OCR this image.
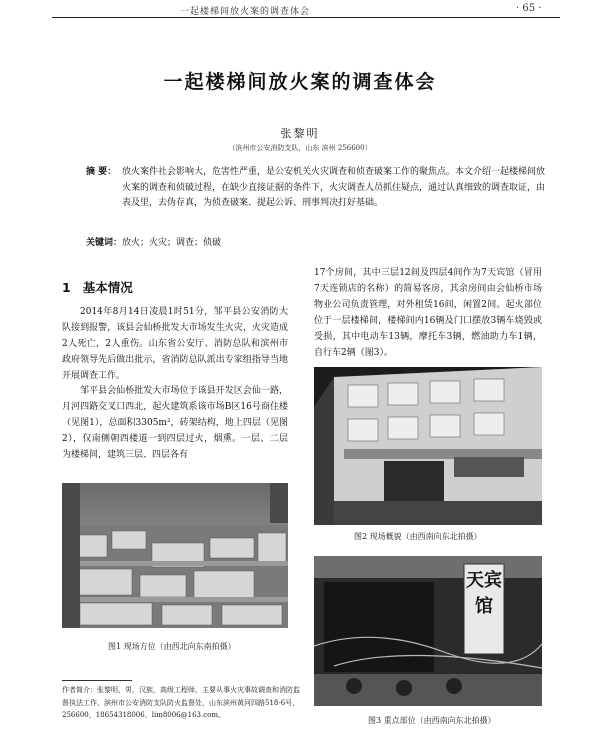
一起楼梯间放火案的调查体会	· 65 ·
一起楼梯间放火案的调查体会
张黎明
（滨州市公安消防支队，山东 滨州 256600）
摘 要： 放火案件社会影响大，危害性严重，是公安机关火灾调查和侦查破案工作的聚焦点。本文介绍一起楼梯间放火案的调查和侦破过程，在缺少直接证据的条件下，火灾调查人员抓住疑点，通过认真细致的调查取证，由表及里，去伪存真，为侦查破案、提起公诉、刑事判决打好基础。
关键词：放火；火灾；调查；侦破
1 基本情况
2014年8月14日凌晨1时51分，邹平县公安消防大队接到报警，该县会仙桥批发大市场发生火灾，火灾造成2人死亡，2人重伤。山东省公安厅、消防总队和滨州市政府领导先后做出批示，省消防总队派出专家组指导当地开展调查工作。
邹平县会仙桥批发大市场位于该县开发区会仙一路，月河四路交叉口西北，起火建筑系该市场B区16号商住楼（见图1），总面积3305m²，砖架结构，地上四层（见图2），仅南侧朝西楼道一到四层过火，烟熏。一层、二层为楼梯间，建筑三层、四层各有
17个房间，其中三层12间及四层4间作为7天宾馆（冒用7天连锁店的名称）的简易客房，其余房间由会仙桥市场物业公司负责管理，对外租赁16间，闲置2间。起火部位位于一层楼梯间，楼梯间内16辆及门口摆放3辆车烧毁或受损，其中电动车13辆，摩托车3辆，燃油助力车1辆，自行车2辆（图3）。
图1 现场方位（由西北向东南拍摄）
图2 现场概貌（由西南向东北拍摄）
天宾馆
图3 重点部位（由西南向东北拍摄）
作者简介：张黎明，男，汉族，高级工程师，主要从事火灾事故调查和消防监督执法工作，滨州市公安消防支队防火监督处，山东滨州黄河四路518-6号，256600，18654318006，lim8006@163.com。
